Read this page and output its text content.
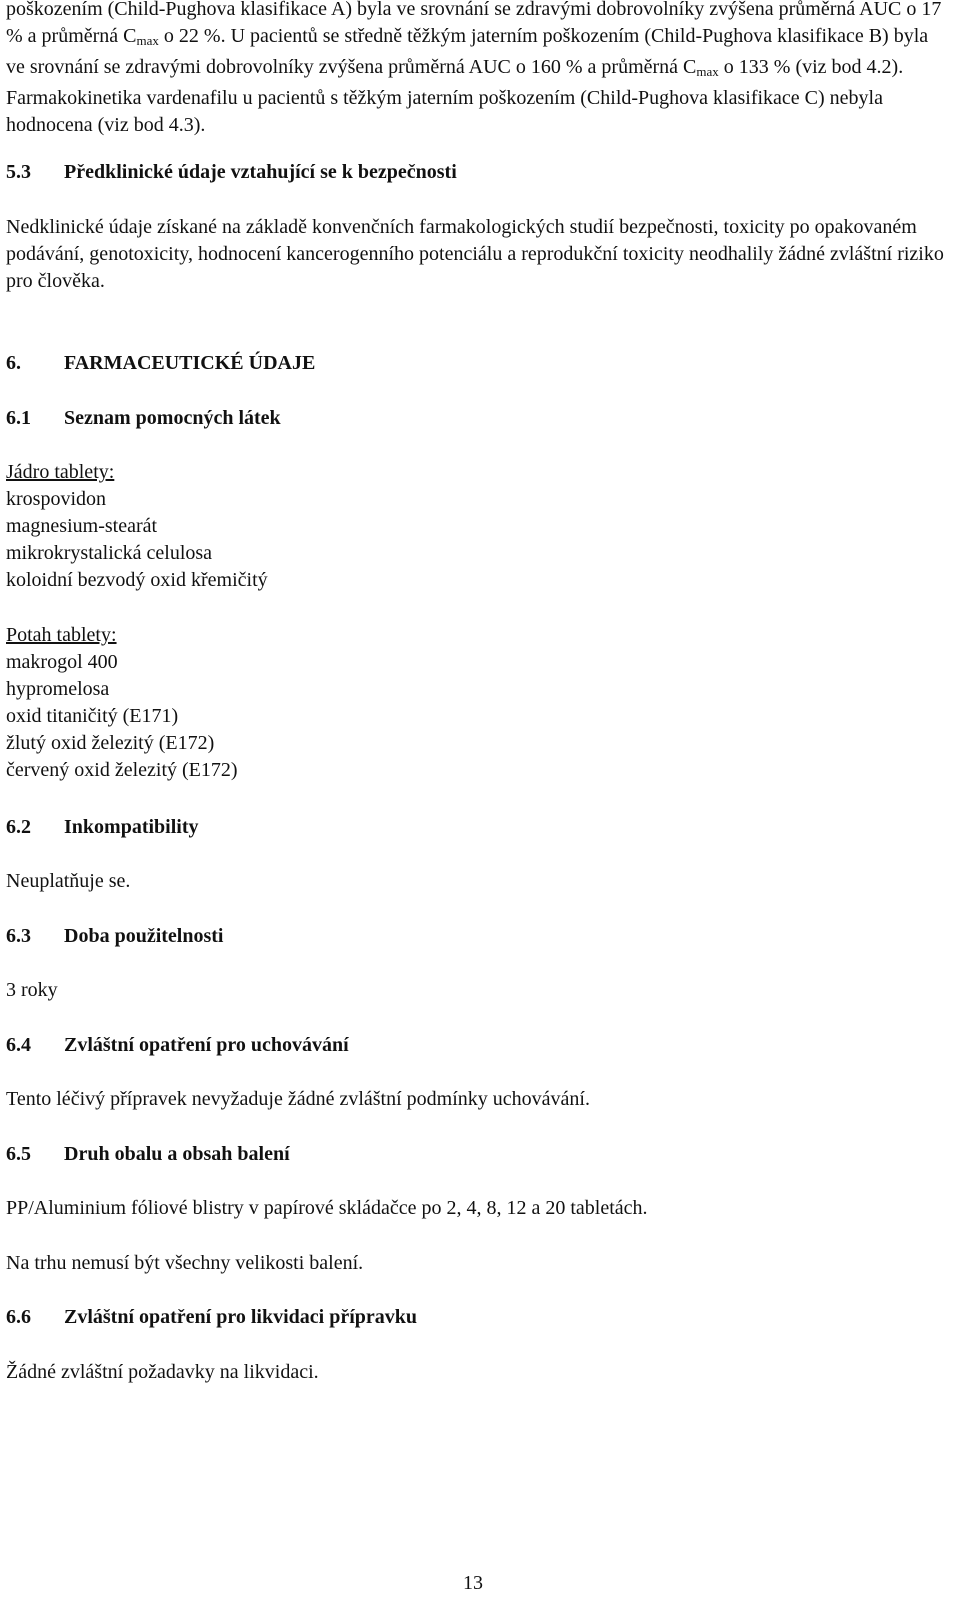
poškozením (Child-Pughova klasifikace A) byla ve srovnání se zdravými dobrovolníky zvýšena průměrná AUC o 17 % a průměrná $C_{max}$ o 22 %. U pacientů se středně těžkým jaterním poškozením (Child-Pughova klasifikace B) byla ve srovnání se zdravými dobrovolníky zvýšena průměrná AUC o 160 % a průměrná $C_{max}$ o 133 % (viz bod 4.2). Farmakokinetika vardenafilu u pacientů s těžkým jaterním poškozením (Child-Pughova klasifikace C) nebyla hodnocena (viz bod 4.3).

5.3 Předklinické údaje vztahující se k bezpečnosti

Nedklinické údaje získané na základě konvenčních farmakologických studií bezpečnosti, toxicity po opakovaném podávání, genotoxicity, hodnocení kancerogenního potenciálu a reprodukční toxicity neodhalily žádné zvláštní riziko pro člověka.

6. FARMACEUTICKÉ ÚDAJE
6.1 Seznam pomocných látek
Jádro tablety:
krospovidon
magnesium-stearát
mikrokrystalická celulosa
koloidní bezvodý oxid křemičitý
Potah tablety:
makrogol 400
hypromelosa
oxid titaničitý (E171)
žlutý oxid železitý (E172)
červený oxid železitý (E172)
6.2 Inkompatibility

Neuplatňuje se.

6.3 Doba použitelnosti

3 roky

6.4 Zvláštní opatření pro uchovávání

Tento léčivý přípravek nevyžaduje žádné zvláštní podmínky uchovávání.

6.5 Druh obalu a obsah balení

PP/Aluminium fóliové blistry v papírové skládačce po 2, 4, 8, 12 a 20 tabletách.

Na trhu nemusí být všechny velikosti balení.

6.6 Zvláštní opatření pro likvidaci přípravku

Žádné zvláštní požadavky na likvidaci.

13
